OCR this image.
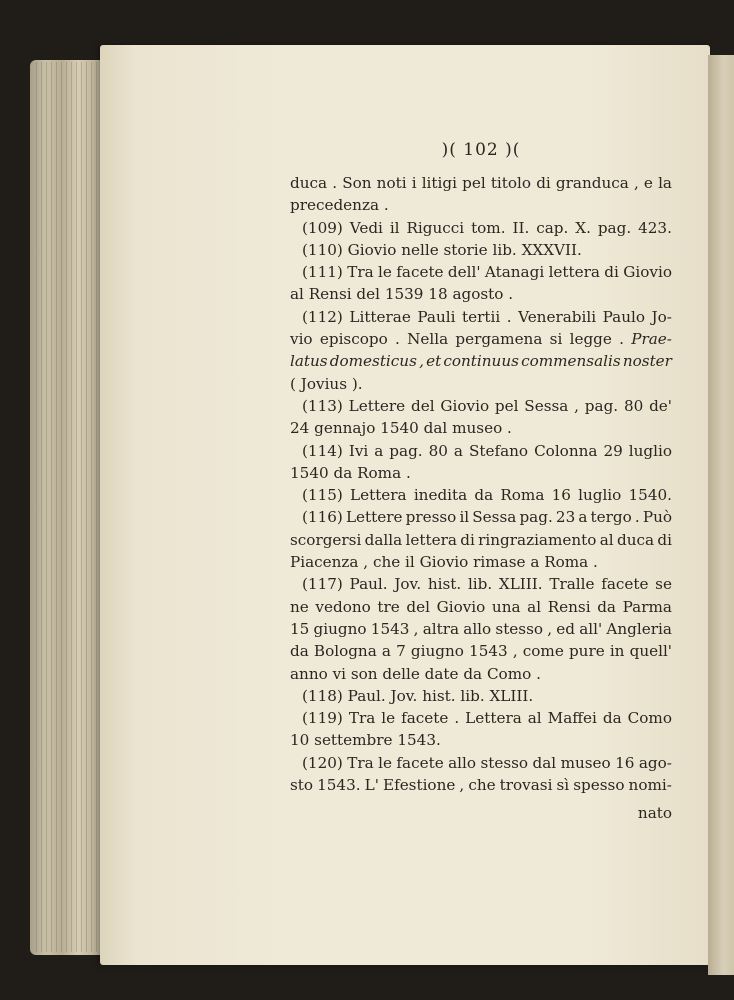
)( 102 )(
duca . Son noti i litigi pel titolo di granduca , e la
precedenza .
(109) Vedi il Rigucci tom. II. cap. X. pag. 423.
(110) Giovio nelle storie lib. XXXVII.
(111) Tra le facete dell' Atanagi lettera di Giovio
al Rensi del 1539 18 agosto .
(112) Litterae Pauli tertii . Venerabili Paulo Jo-
vio episcopo . Nella pergamena si legge . Prae-
latus domesticus , et continuus commensalis noster
( Jovius ).
(113) Lettere del Giovio pel Sessa , pag. 80 de'
24 gennajo 1540 dal museo .
(114) Ivi a pag. 80 a Stefano Colonna 29 luglio
1540 da Roma .
(115) Lettera inedita da Roma 16 luglio 1540.
(116) Lettere presso il Sessa pag. 23 a tergo . Può
scorgersi dalla lettera di ringraziamento al duca di
Piacenza , che il Giovio rimase a Roma .
(117) Paul. Jov. hist. lib. XLIII. Tralle facete se
ne vedono tre del Giovio una al Rensi da Parma
15 giugno 1543 , altra allo stesso , ed all' Angleria
da Bologna a 7 giugno 1543 , come pure in quell'
anno vi son delle date da Como .
(118) Paul. Jov. hist. lib. XLIII.
(119) Tra le facete . Lettera al Maffei da Como
10 settembre 1543.
(120) Tra le facete allo stesso dal museo 16 ago-
sto 1543. L' Efestione , che trovasi sì spesso nomi-
nato
